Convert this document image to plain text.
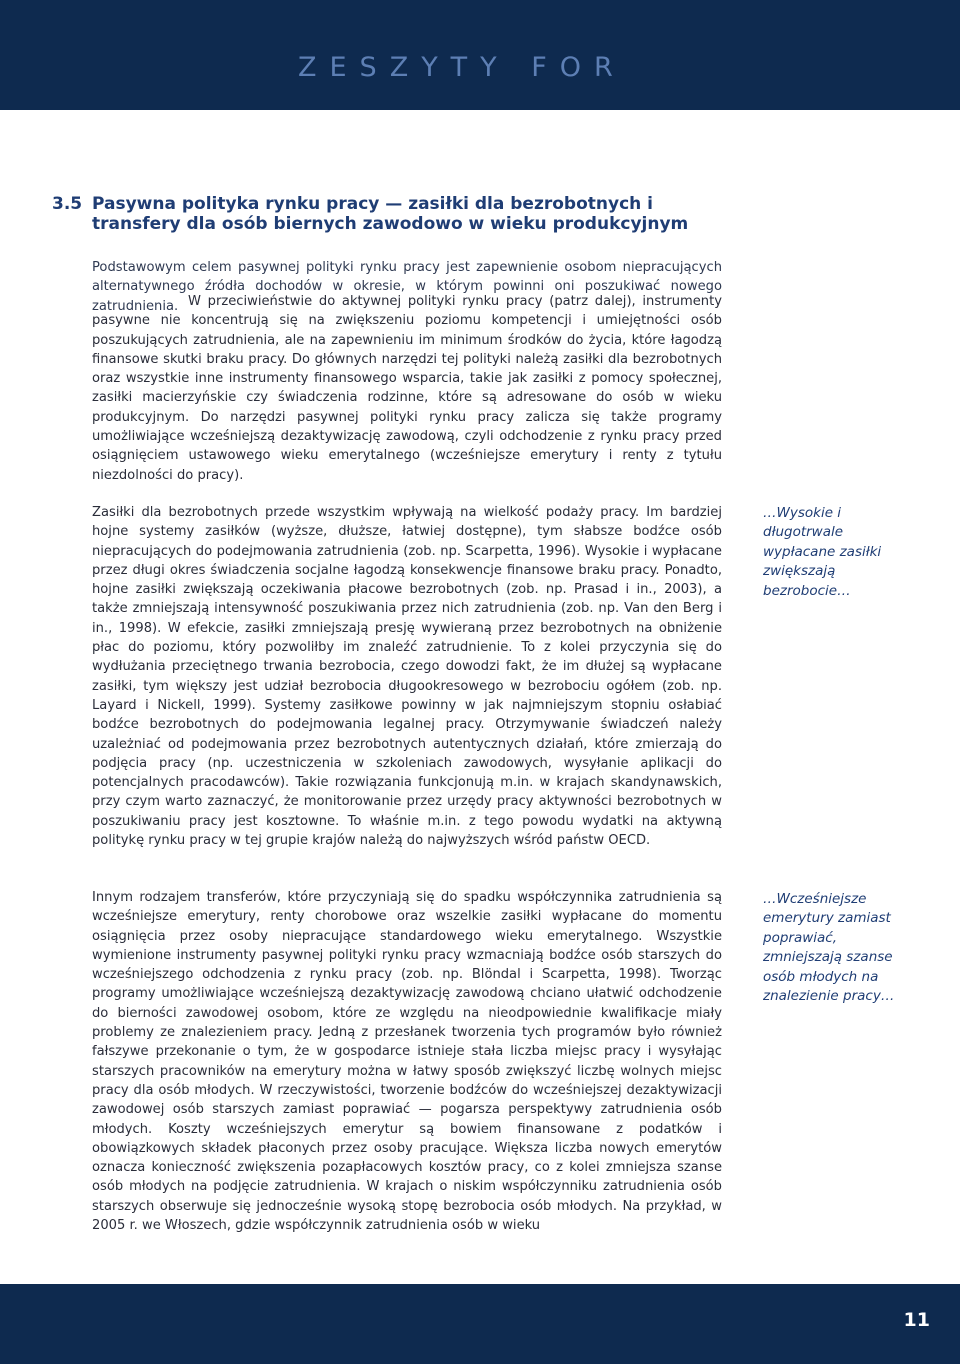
ZESZYTY FOR
3.5 Pasywna polityka rynku pracy — zasiłki dla bezrobotnych i transfery dla osób biernych zawodowo w wieku produkcyjnym
Podstawowym celem pasywnej polityki rynku pracy jest zapewnienie osobom niepracujących alternatywnego źródła dochodów w okresie, w którym powinni oni poszukiwać nowego zatrudnienia. W przeciwieństwie do aktywnej polityki rynku pracy (patrz dalej), instrumenty pasywne nie koncentrują się na zwiększeniu poziomu kompetencji i umiejętności osób poszukujących zatrudnienia, ale na zapewnieniu im minimum środków do życia, które łagodzą finansowe skutki braku pracy. Do głównych narzędzi tej polityki należą zasiłki dla bezrobotnych oraz wszystkie inne instrumenty finansowego wsparcia, takie jak zasiłki z pomocy społecznej, zasiłki macierzyńskie czy świadczenia rodzinne, które są adresowane do osób w wieku produkcyjnym. Do narzędzi pasywnej polityki rynku pracy zalicza się także programy umożliwiające wcześniejszą dezaktywizację zawodową, czyli odchodzenie z rynku pracy przed osiągnięciem ustawowego wieku emerytalnego (wcześniejsze emerytury i renty z tytułu niezdolności do pracy).
Zasiłki dla bezrobotnych przede wszystkim wpływają na wielkość podaży pracy. Im bardziej hojne systemy zasiłków (wyższe, dłuższe, łatwiej dostępne), tym słabsze bodźce osób niepracujących do podejmowania zatrudnienia (zob. np. Scarpetta, 1996). Wysokie i wypłacane przez długi okres świadczenia socjalne łagodzą konsekwencje finansowe braku pracy. Ponadto, hojne zasiłki zwiększają oczekiwania płacowe bezrobotnych (zob. np. Prasad i in., 2003), a także zmniejszają intensywność poszukiwania przez nich zatrudnienia (zob. np. Van den Berg i in., 1998). W efekcie, zasiłki zmniejszają presję wywieraną przez bezrobotnych na obniżenie płac do poziomu, który pozwoliłby im znaleźć zatrudnienie. To z kolei przyczynia się do wydłużania przeciętnego trwania bezrobocia, czego dowodzi fakt, że im dłużej są wypłacane zasiłki, tym większy jest udział bezrobocia długookresowego w bezrobociu ogółem (zob. np. Layard i Nickell, 1999). Systemy zasiłkowe powinny w jak najmniejszym stopniu osłabiać bodźce bezrobotnych do podejmowania legalnej pracy. Otrzymywanie świadczeń należy uzależniać od podejmowania przez bezrobotnych autentycznych działań, które zmierzają do podjęcia pracy (np. uczestniczenia w szkoleniach zawodowych, wysyłanie aplikacji do potencjalnych pracodawców). Takie rozwiązania funkcjonują m.in. w krajach skandynawskich, przy czym warto zaznaczyć, że monitorowanie przez urzędy pracy aktywności bezrobotnych w poszukiwaniu pracy jest kosztowne. To właśnie m.in. z tego powodu wydatki na aktywną politykę rynku pracy w tej grupie krajów należą do najwyższych wśród państw OECD.
Innym rodzajem transferów, które przyczyniają się do spadku współczynnika zatrudnienia są wcześniejsze emerytury, renty chorobowe oraz wszelkie zasiłki wypłacane do momentu osiągnięcia przez osoby niepracujące standardowego wieku emerytalnego. Wszystkie wymienione instrumenty pasywnej polityki rynku pracy wzmacniają bodźce osób starszych do wcześniejszego odchodzenia z rynku pracy (zob. np. Blöndal i Scarpetta, 1998). Tworząc programy umożliwiające wcześniejszą dezaktywizację zawodową chciano ułatwić odchodzenie do bierności zawodowej osobom, które ze względu na nieodpowiednie kwalifikacje miały problemy ze znalezieniem pracy. Jedną z przesłanek tworzenia tych programów było również fałszywe przekonanie o tym, że w gospodarce istnieje stała liczba miejsc pracy i wysyłając starszych pracowników na emerytury można w łatwy sposób zwiększyć liczbę wolnych miejsc pracy dla osób młodych. W rzeczywistości, tworzenie bodźców do wcześniejszej dezaktywizacji zawodowej osób starszych zamiast poprawiać — pogarsza perspektywy zatrudnienia osób młodych. Koszty wcześniejszych emerytur są bowiem finansowane z podatków i obowiązkowych składek płaconych przez osoby pracujące. Większa liczba nowych emerytów oznacza konieczność zwiększenia pozapłacowych kosztów pracy, co z kolei zmniejsza szanse osób młodych na podjęcie zatrudnienia. W krajach o niskim współczynniku zatrudnienia osób starszych obserwuje się jednocześnie wysoką stopę bezrobocia osób młodych. Na przykład, w 2005 r. we Włoszech, gdzie współczynnik zatrudnienia osób w wieku
…Wysokie i długotrwale wypłacane zasiłki zwiększają bezrobocie…
…Wcześniejsze emerytury zamiast poprawiać, zmniejszają szanse osób młodych na znalezienie pracy…
11
